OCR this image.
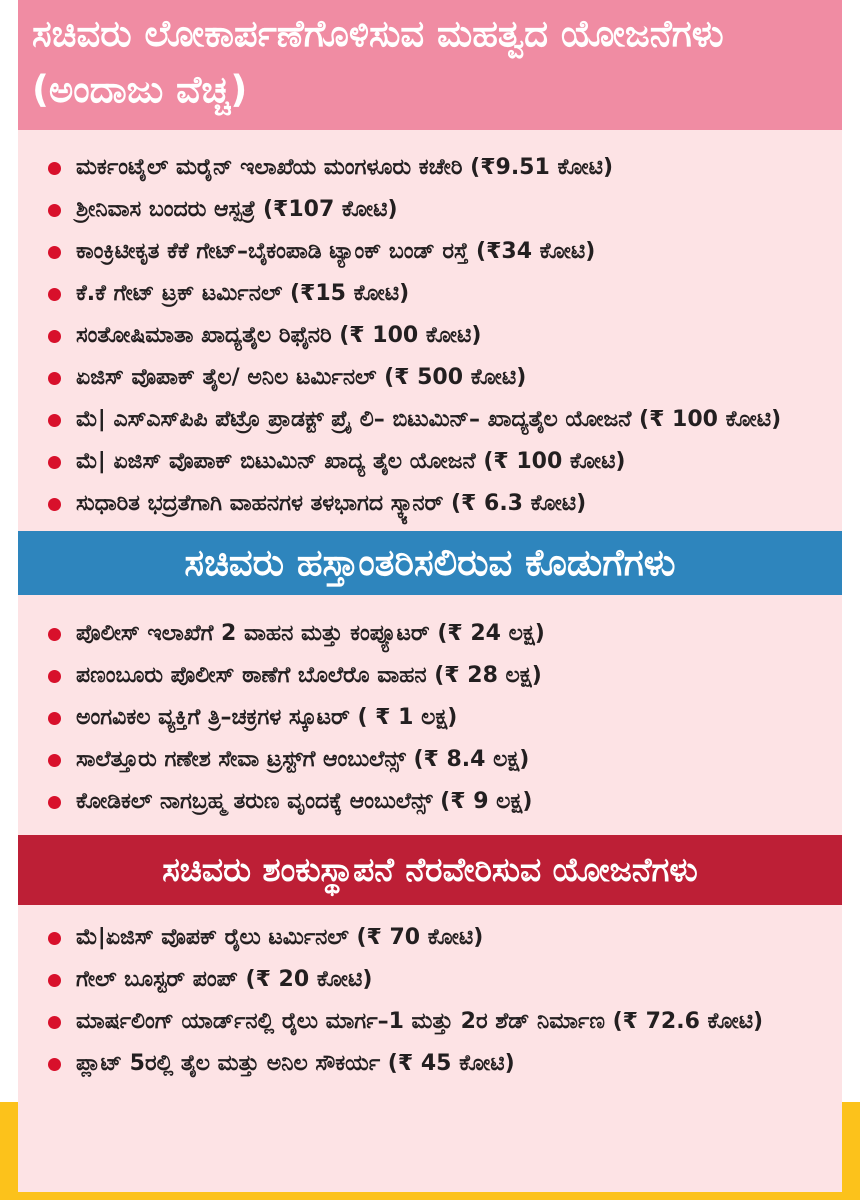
ಸಚಿವರು ಲೋಕಾರ್ಪಣೆಗೊಳಿಸುವ ಮಹತ್ವದ ಯೋಜನೆಗಳು (ಅಂದಾಜು ವೆಚ್ಚ)
ಮರ್ಕಂಟೈಲ್ ಮರೈನ್ ಇಲಾಖೆಯ ಮಂಗಳೂರು ಕಚೇರಿ (₹9.51 ಕೋಟಿ)
ಶ್ರೀನಿವಾಸ ಬಂದರು ಆಸ್ಪತ್ರೆ (₹107 ಕೋಟಿ)
ಕಾಂಕ್ರಿಟೀಕೃತ ಕೆಕೆ ಗೇಟ್–ಬೈಕಂಪಾಡಿ ಟ್ಯಾಂಕ್ ಬಂಡ್ ರಸ್ತೆ (₹34 ಕೋಟಿ)
ಕೆ.ಕೆ ಗೇಟ್ ಟ್ರಕ್ ಟರ್ಮಿನಲ್ (₹15 ಕೋಟಿ)
ಸಂತೋಷಿಮಾತಾ ಖಾದ್ಯತೈಲ ರಿಫೈನರಿ (₹ 100 ಕೋಟಿ)
ಏಜಿಸ್ ವೊಪಾಕ್ ತೈಲ/ ಅನಿಲ ಟರ್ಮಿನಲ್ (₹ 500 ಕೋಟಿ)
ಮೆ| ಎಸ್ಎಸ್‌ಪಿಪಿ ಪೆಟ್ರೊ ಪ್ರಾಡಕ್ಟ್ ಪ್ರೈ ಲಿ– ಬಿಟುಮಿನ್– ಖಾದ್ಯತೈಲ ಯೋಜನೆ (₹ 100 ಕೋಟಿ)
ಮೆ| ಏಜಿಸ್ ವೊಪಾಕ್ ಬಿಟುಮಿನ್ ಖಾದ್ಯ ತೈಲ ಯೋಜನೆ (₹ 100 ಕೋಟಿ)
ಸುಧಾರಿತ ಭದ್ರತೆಗಾಗಿ ವಾಹನಗಳ ತಳಭಾಗದ ಸ್ಕ್ಯಾನರ್ (₹ 6.3 ಕೋಟಿ)
ಸಚಿವರು ಹಸ್ತಾಂತರಿಸಲಿರುವ ಕೊಡುಗೆಗಳು
ಪೊಲೀಸ್ ಇಲಾಖೆಗೆ 2 ವಾಹನ ಮತ್ತು ಕಂಪ್ಯೂಟರ್ (₹ 24 ಲಕ್ಷ)
ಪಣಂಬೂರು ಪೊಲೀಸ್ ಠಾಣೆಗೆ ಬೊಲೆರೊ ವಾಹನ (₹ 28 ಲಕ್ಷ)
ಅಂಗವಿಕಲ ವ್ಯಕ್ತಿಗೆ ತ್ರಿ–ಚಕ್ರಗಳ ಸ್ಕೂಟರ್ ( ₹ 1 ಲಕ್ಷ)
ಸಾಲೆತ್ತೂರು ಗಣೇಶ ಸೇವಾ ಟ್ರಸ್ಟ್‌ಗೆ ಆಂಬುಲೆನ್ಸ್ (₹ 8.4 ಲಕ್ಷ)
ಕೋಡಿಕಲ್ ನಾಗಬ್ರಹ್ಮ ತರುಣ ವೃಂದಕ್ಕೆ ಆಂಬುಲೆನ್ಸ್ (₹ 9 ಲಕ್ಷ)
ಸಚಿವರು ಶಂಕುಸ್ಥಾಪನೆ ನೆರವೇರಿಸುವ ಯೋಜನೆಗಳು
ಮೆ|ಏಜಿಸ್ ವೊಪಕ್ ರೈಲು ಟರ್ಮಿನಲ್ (₹ 70 ಕೋಟಿ)
ಗೇಲ್ ಬೂಸ್ಟರ್ ಪಂಪ್ (₹ 20 ಕೋಟಿ)
ಮಾರ್ಷಲಿಂಗ್ ಯಾರ್ಡ್‌ನಲ್ಲಿ ರೈಲು ಮಾರ್ಗ–1 ಮತ್ತು 2ರ ಶೆಡ್ ನಿರ್ಮಾಣ (₹ 72.6 ಕೋಟಿ)
ಪ್ಲಾಟ್ 5ರಲ್ಲಿ ತೈಲ ಮತ್ತು ಅನಿಲ ಸೌಕರ್ಯ (₹ 45 ಕೋಟಿ)
